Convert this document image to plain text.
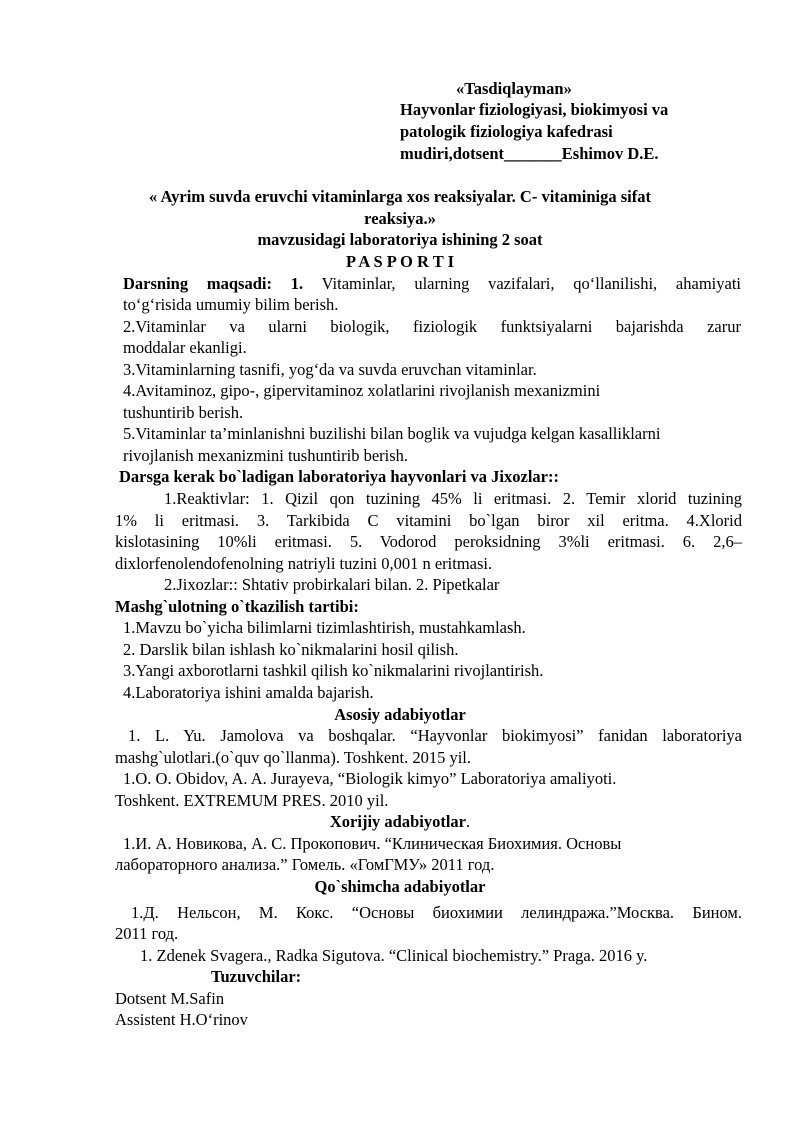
«Tasdiqlayman»
Hayvonlar fiziologiyasi, biokimyosi va
patologik fiziologiya kafedrasi
mudiri,dotsent_______Eshimov D.E.
« Ayrim suvda eruvchi vitaminlarga xos reaksiyalar. C- vitaminiga sifat
reaksiya.»
mavzusidagi laboratoriya ishining 2 soat
P A S P O R T I
Darsning maqsadi: 1. Vitaminlar, ularning vazifalari, qo‘llanilishi, ahamiyati
to‘g‘risida umumiy bilim berish.
2.Vitaminlar va ularni biologik, fiziologik funktsiyalarni bajarishda zarur
moddalar ekanligi.
3.Vitaminlarning tasnifi, yog‘da va suvda eruvchan vitaminlar.
4.Avitaminoz, gipo-, gipervitaminoz xolatlarini rivojlanish mexanizmini
tushuntirib berish.
5.Vitaminlar ta’minlanishni buzilishi bilan boglik va vujudga kelgan kasalliklarni
rivojlanish mexanizmini tushuntirib berish.
Darsga kerak bo`ladigan laboratoriya hayvonlari va Jixozlar::
1.Reaktivlar: 1. Qizil qon tuzining 45% li eritmasi. 2. Temir xlorid tuzining
1% li eritmasi. 3. Tarkibida C vitamini bo`lgan biror xil eritma. 4.Xlorid
kislotasining 10%li eritmasi. 5. Vodorod peroksidning 3%li eritmasi. 6. 2,6–
dixlorfenolendofenolning natriyli tuzini 0,001 n eritmasi.
2.Jixozlar:: Shtativ probirkalari bilan. 2. Pipetkalar
Mashg`ulotning o`tkazilish tartibi:
1.Mavzu bo`yicha bilimlarni tizimlashtirish, mustahkamlash.
2. Darslik bilan ishlash ko`nikmalarini hosil qilish.
3.Yangi axborotlarni tashkil qilish ko`nikmalarini rivojlantirish.
4.Laboratoriya ishini amalda bajarish.
Asosiy adabiyotlar
1. L. Yu. Jamolova va boshqalar. “Hayvonlar biokimyosi” fanidan laboratoriya
mashg`ulotlari.(o`quv qo`llanma). Toshkent. 2015 yil.
1.O. O. Obidov, A. A. Jurayeva, “Biologik kimyo” Laboratoriya amaliyoti.
Toshkent. EXTREMUM PRES. 2010 yil.
Xorijiy adabiyotlar.
1.И. А. Новикова, А. С. Прокопович. “Клиническая Биохимия. Основы
лабораторного анализа.” Гомель. «ГомГМУ» 2011 год.
Qo`shimcha adabiyotlar
1.Д. Нельсон, М. Кокс. “Основы биохимии лелиндража.”Москва. Бином.
2011 год.
1. Zdenek Svagera., Radka Sigutova. “Clinical biochemistry.” Praga. 2016 y.
Tuzuvchilar:
Dotsent M.Safin
Assistent H.O‘rinov
